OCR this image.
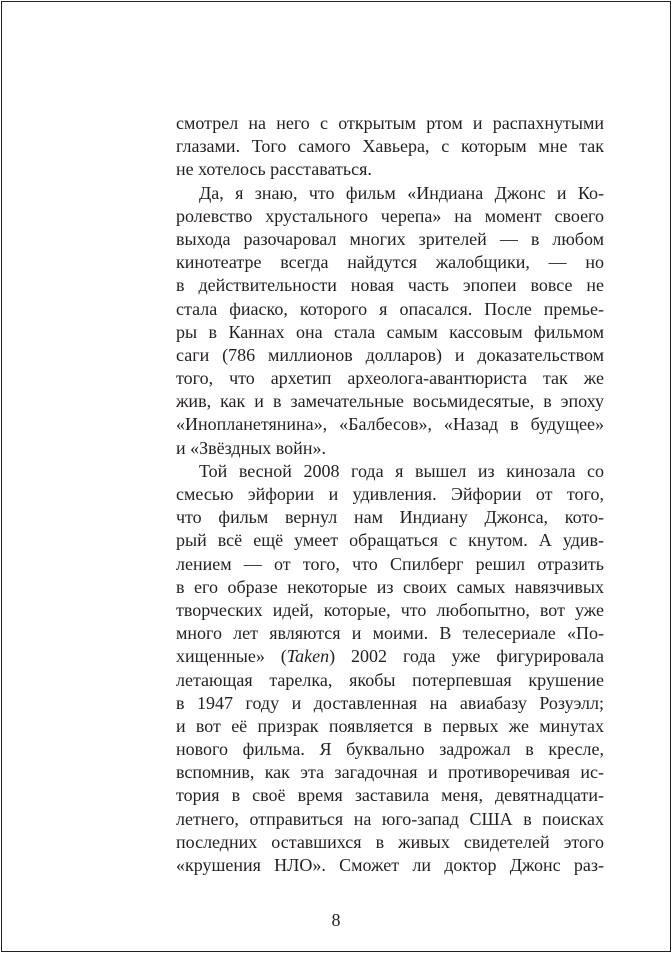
смотрел на него с открытым ртом и распахнутыми
глазами. Того самого Хавьера, с которым мне так
не хотелось расставаться.
Да, я знаю, что фильм «Индиана Джонс и Ко-
ролевство хрустального черепа» на момент своего
выхода разочаровал многих зрителей — в любом
кинотеатре всегда найдутся жалобщики, — но
в действительности новая часть эпопеи вовсе не
стала фиаско, которого я опасался. После премье-
ры в Каннах она стала самым кассовым фильмом
саги (786 миллионов долларов) и доказательством
того, что архетип археолога-авантюриста так же
жив, как и в замечательные восьмидесятые, в эпоху
«Инопланетянина», «Балбесов», «Назад в будущее»
и «Звёздных войн».
Той весной 2008 года я вышел из кинозала со
смесью эйфории и удивления. Эйфории от того,
что фильм вернул нам Индиану Джонса, кото-
рый всё ещё умеет обращаться с кнутом. А удив-
лением — от того, что Спилберг решил отразить
в его образе некоторые из своих самых навязчивых
творческих идей, которые, что любопытно, вот уже
много лет являются и моими. В телесериале «По-
хищенные» (Taken) 2002 года уже фигурировала
летающая тарелка, якобы потерпевшая крушение
в 1947 году и доставленная на авиабазу Розуэлл;
и вот её призрак появляется в первых же минутах
нового фильма. Я буквально задрожал в кресле,
вспомнив, как эта загадочная и противоречивая ис-
тория в своё время заставила меня, девятнадцати-
летнего, отправиться на юго-запад США в поисках
последних оставшихся в живых свидетелей этого
«крушения НЛО». Сможет ли доктор Джонс раз-
8
